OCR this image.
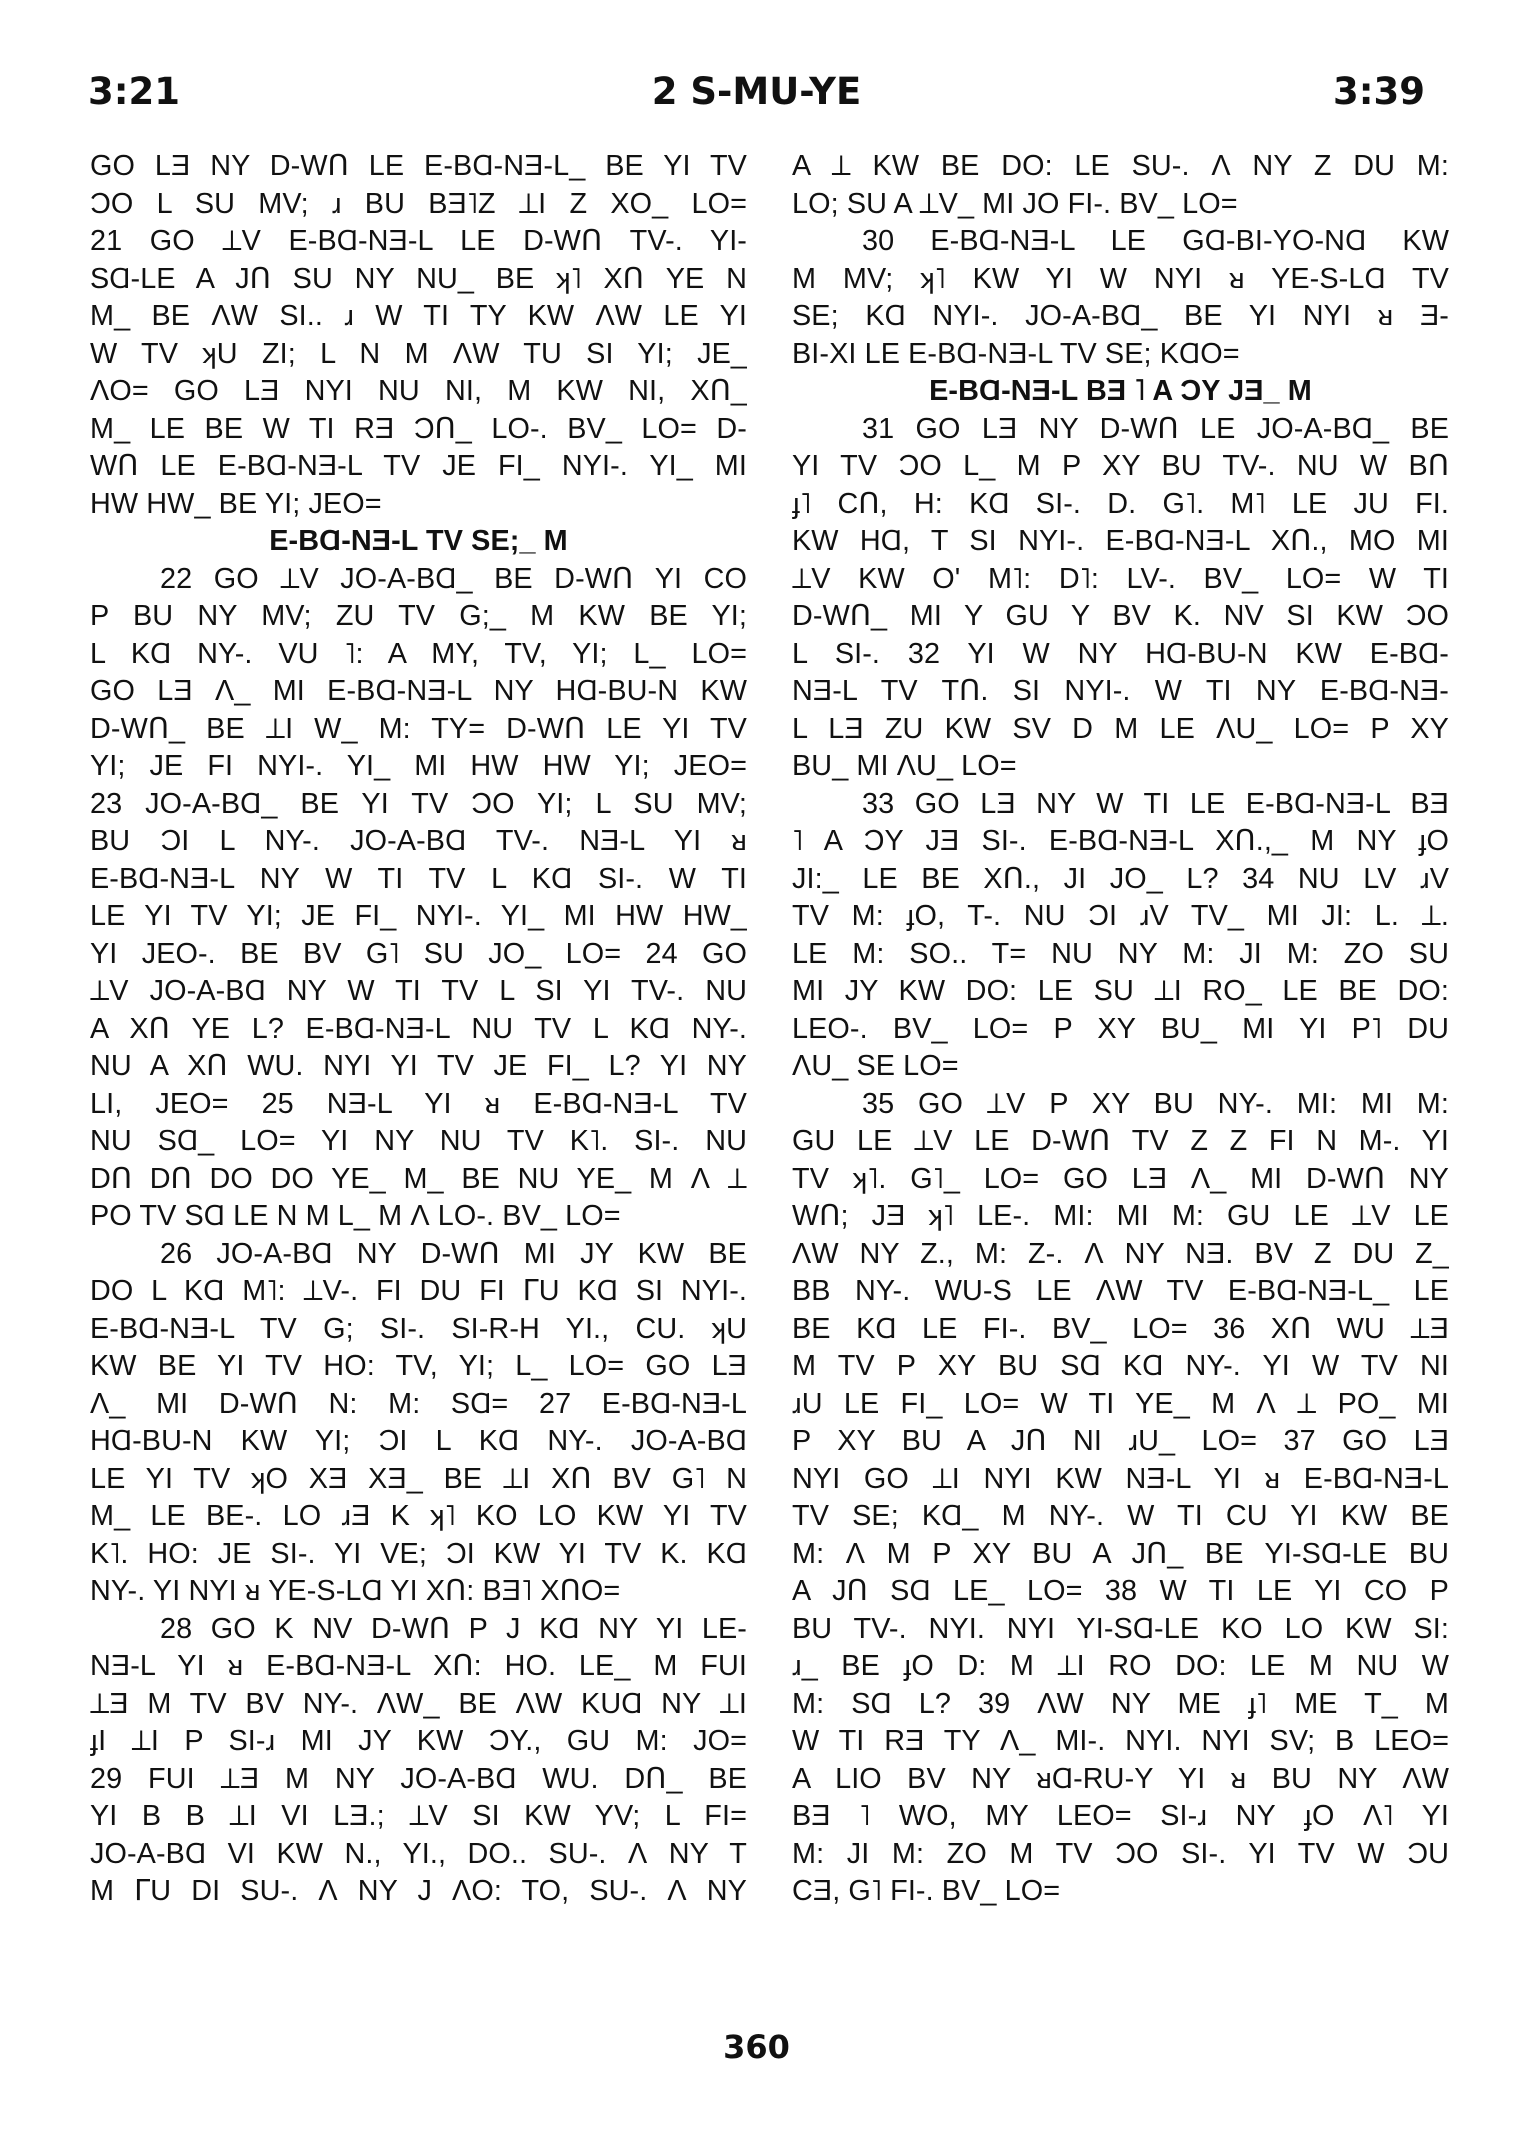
3:21	2 S-MU-YE	3:39
GO LƎ NY D-WՈ LE E-BⱭ-NƎ-L_ BE YI TV
ƆO L SU MV; ɹ BU BƎ˥Z ⟂I Z XO_ LO=
21 GO ⟂V E-BⱭ-NƎ-L LE D-WՈ TV-. YI-
SⱭ-LE A JՈ SU NY NU_ BE ʞ˥ XՈ YE N
M_ BE ɅW SI.. ɹ W TI TY KW ɅW LE YI
W TV ʞU ZI; L N M ɅW TU SI YI; JE_
ɅO= GO LƎ NYI NU NI, M KW NI, XՈ_
M_ LE BE W TI RƎ ƆՈ_ LO-. BV_ LO= D-
WՈ LE E-BⱭ-NƎ-L TV JE FI_ NYI-. YI_ MI
HW HW_ BE YI; JEO=
E-BⱭ-NƎ-L TV SE;_ M
22 GO ⟂V JO-A-BⱭ_ BE D-WՈ YI CO
P BU NY MV; ZU TV G;_ M KW BE YI;
L KⱭ NY-. VU ˥: A MY, TV, YI; L_ LO=
GO LƎ Ʌ_ MI E-BⱭ-NƎ-L NY HⱭ-BU-N KW
D-WՈ_ BE ⟂I W_ M: TY= D-WՈ LE YI TV
YI; JE FI NYI-. YI_ MI HW HW YI; JEO=
23 JO-A-BⱭ_ BE YI TV ƆO YI; L SU MV;
BU ƆI L NY-. JO-A-BⱭ TV-. NƎ-L YI ᴚ
E-BⱭ-NƎ-L NY W TI TV L KⱭ SI-. W TI
LE YI TV YI; JE FI_ NYI-. YI_ MI HW HW_
YI JEO-. BE BV G˥ SU JO_ LO= 24 GO
⟂V JO-A-BⱭ NY W TI TV L SI YI TV-. NU
A XՈ YE L? E-BⱭ-NƎ-L NU TV L KⱭ NY-.
NU A XՈ WU. NYI YI TV JE FI_ L? YI NY
LI, JEO= 25 NƎ-L YI ᴚ E-BⱭ-NƎ-L TV
NU SⱭ_ LO= YI NY NU TV K˥. SI-. NU
DՈ DՈ DO DO YE_ M_ BE NU YE_ M Ʌ ⟂
PO TV SⱭ LE N M L_ M Ʌ LO-. BV_ LO=
26 JO-A-BⱭ NY D-WՈ MI JY KW BE
DO L KⱭ M˥: ⟂V-. FI DU FI ᒥU KⱭ SI NYI-.
E-BⱭ-NƎ-L TV G; SI-. SI-R-H YI., CU. ʞU
KW BE YI TV HO: TV, YI; L_ LO= GO LƎ
Ʌ_ MI D-WՈ N: M: SⱭ= 27 E-BⱭ-NƎ-L
HⱭ-BU-N KW YI; ƆI L KⱭ NY-. JO-A-BⱭ
LE YI TV ʞO XƎ XƎ_ BE ⟂I XՈ BV G˥ N
M_ LE BE-. LO ɹƎ K ʞ˥ KO LO KW YI TV
K˥. HO: JE SI-. YI VE; ƆI KW YI TV K. KⱭ
NY-. YI NYI ᴚ YE-S-LⱭ YI XՈ: BƎ˥ XՈO=
28 GO K NV D-WՈ P J KⱭ NY YI LE-
NƎ-L YI ᴚ E-BⱭ-NƎ-L XՈ: HO. LE_ M FUI
⟂Ǝ M TV BV NY-. ɅW_ BE ɅW KUⱭ NY ⟂I
ɟI ⟂I P SI-ɹ MI JY KW ƆY., GU M: JO=
29 FUI ⟂Ǝ M NY JO-A-BⱭ WU. DՈ_ BE
YI B B ⟂I VI LƎ.; ⟂V SI KW YV; L FI=
JO-A-BⱭ VI KW N., YI., DO.. SU-. Ʌ NY T
M ᒥU DI SU-. Ʌ NY J ɅO: TO, SU-. Ʌ NY
A ⟂ KW BE DO: LE SU-. Ʌ NY Z DU M:
LO; SU A ⟂V_ MI JO FI-. BV_ LO=
30 E-BⱭ-NƎ-L LE GⱭ-BI-YO-NⱭ KW
M MV; ʞ˥ KW YI W NYI ᴚ YE-S-LⱭ TV
SE; KⱭ NYI-. JO-A-BⱭ_ BE YI NYI ᴚ Ǝ-
BI-XI LE E-BⱭ-NƎ-L TV SE; KⱭO=
E-BⱭ-NƎ-L BƎ ˥ A ƆY JƎ_ M
31 GO LƎ NY D-WՈ LE JO-A-BⱭ_ BE
YI TV ƆO L_ M P XY BU TV-. NU W BՈ
ɟ˥ CՈ, H: KⱭ SI-. D. G˥. M˥ LE JU FI.
KW HⱭ, T SI NYI-. E-BⱭ-NƎ-L XՈ., MO MI
⟂V KW O' M˥: D˥: LV-. BV_ LO= W TI
D-WՈ_ MI Y GU Y BV K. NV SI KW ƆO
L SI-. 32 YI W NY HⱭ-BU-N KW E-BⱭ-
NƎ-L TV TՈ. SI NYI-. W TI NY E-BⱭ-NƎ-
L LƎ ZU KW SV D M LE ɅU_ LO= P XY
BU_ MI ɅU_ LO=
33 GO LƎ NY W TI LE E-BⱭ-NƎ-L BƎ
˥ A ƆY JƎ SI-. E-BⱭ-NƎ-L XՈ.,_ M NY ɟO
JI:_ LE BE XՈ., JI JO_ L? 34 NU LV ɹV
TV M: ɟO, T-. NU ƆI ɹV TV_ MI JI: L. ⟂.
LE M: SO.. T= NU NY M: JI M: ZO SU
MI JY KW DO: LE SU ⟂I RO_ LE BE DO:
LEO-. BV_ LO= P XY BU_ MI YI P˥ DU
ɅU_ SE LO=
35 GO ⟂V P XY BU NY-. MI: MI M:
GU LE ⟂V LE D-WՈ TV Z Z FI N M-. YI
TV ʞ˥. G˥_ LO= GO LƎ Ʌ_ MI D-WՈ NY
WՈ; JƎ ʞ˥ LE-. MI: MI M: GU LE ⟂V LE
ɅW NY Z., M: Z-. Ʌ NY NƎ. BV Z DU Z_
BB NY-. WU-S LE ɅW TV E-BⱭ-NƎ-L_ LE
BE KⱭ LE FI-. BV_ LO= 36 XՈ WU ⟂Ǝ
M TV P XY BU SⱭ KⱭ NY-. YI W TV NI
ɹU LE FI_ LO= W TI YE_ M Ʌ ⟂ PO_ MI
P XY BU A JՈ NI ɹU_ LO= 37 GO LƎ
NYI GO ⟂I NYI KW NƎ-L YI ᴚ E-BⱭ-NƎ-L
TV SE; KⱭ_ M NY-. W TI CU YI KW BE
M: Ʌ M P XY BU A JՈ_ BE YI-SⱭ-LE BU
A JՈ SⱭ LE_ LO= 38 W TI LE YI CO P
BU TV-. NYI. NYI YI-SⱭ-LE KO LO KW SI:
ɹ_ BE ɟO D: M ⟂I RO DO: LE M NU W
M: SⱭ L? 39 ɅW NY ME ɟ˥ ME T_ M
W TI RƎ TY Ʌ_ MI-. NYI. NYI SV; B LEO=
A LIO BV NY ᴚⱭ-RU-Y YI ᴚ BU NY ɅW
BƎ ˥ WO, MY LEO= SI-ɹ NY ɟO Ʌ˥ YI
M: JI M: ZO M TV ƆO SI-. YI TV W ƆU
CƎ, G˥ FI-. BV_ LO=
360
